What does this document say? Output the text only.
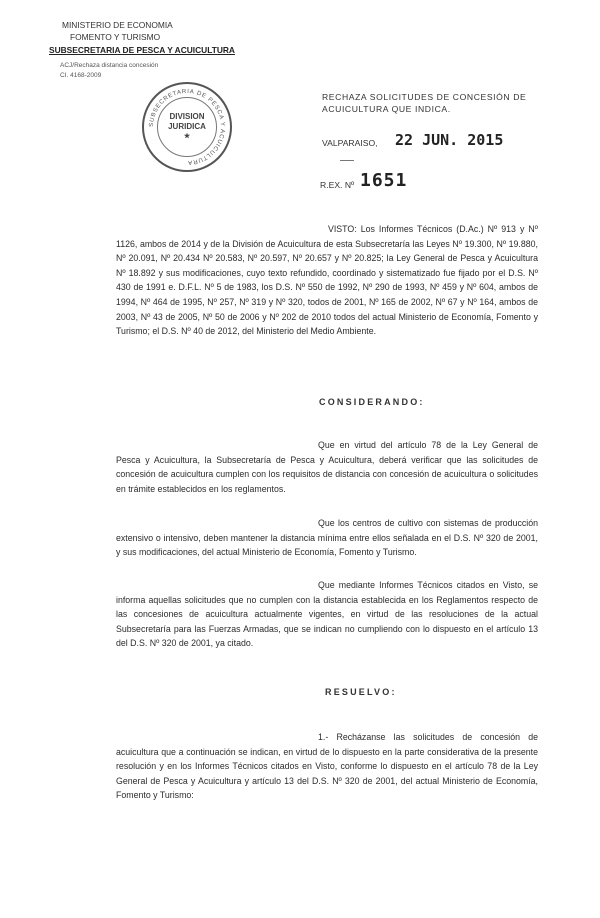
MINISTERIO DE ECONOMIA
FOMENTO Y TURISMO
SUBSECRETARIA DE PESCA Y ACUICULTURA
ACJ/Rechaza distancia concesión
CI. 4168-2009
SUBSECRETARIA DE PESCA Y ACUICULTURA
DIVISION
JURIDICA
★
RECHAZA SOLICITUDES DE CONCESIÓN DE
ACUICULTURA QUE INDICA.
VALPARAISO, 22 JUN. 2015
R.EX. Nº 1651
VISTO: Los Informes Técnicos (D.Ac.) Nº 913 y Nº 1126, ambos de 2014 y de la División de Acuicultura de esta Subsecretaría las Leyes Nº 19.300, Nº 19.880, Nº 20.091, Nº 20.434 Nº 20.583, Nº 20.597, Nº 20.657 y Nº 20.825; la Ley General de Pesca y Acuicultura Nº 18.892 y sus modificaciones, cuyo texto refundido, coordinado y sistematizado fue fijado por el D.S. Nº 430 de 1991 e. D.F.L. Nº 5 de 1983, los D.S. Nº 550 de 1992, Nº 290 de 1993, Nº 459 y Nº 604, ambos de 1994, Nº 464 de 1995, Nº 257, Nº 319 y Nº 320, todos de 2001, Nº 165 de 2002, Nº 67 y Nº 164, ambos de 2003, Nº 43 de 2005, Nº 50 de 2006 y Nº 202 de 2010 todos del actual Ministerio de Economía, Fomento y Turismo; el D.S. Nº 40 de 2012, del Ministerio del Medio Ambiente.
CONSIDERANDO:
Que en virtud del artículo 78 de la Ley General de Pesca y Acuicultura, la Subsecretaría de Pesca y Acuicultura, deberá verificar que las solicitudes de concesión de acuicultura cumplen con los requisitos de distancia con concesión de acuicultura o solicitudes en trámite establecidos en los reglamentos.
Que los centros de cultivo con sistemas de producción extensivo o intensivo, deben mantener la distancia mínima entre ellos señalada en el D.S. Nº 320 de 2001, y sus modificaciones, del actual Ministerio de Economía, Fomento y Turismo.
Que mediante Informes Técnicos citados en Visto, se informa aquellas solicitudes que no cumplen con la distancia establecida en los Reglamentos respecto de las concesiones de acuicultura actualmente vigentes, en virtud de las resoluciones de la actual Subsecretaría para las Fuerzas Armadas, que se indican no cumpliendo con lo dispuesto en el artículo 13 del D.S. Nº 320 de 2001, ya citado.
RESUELVO:
1.- Recházanse las solicitudes de concesión de acuicultura que a continuación se indican, en virtud de lo dispuesto en la parte considerativa de la presente resolución y en los Informes Técnicos citados en Visto, conforme lo dispuesto en el artículo 78 de la Ley General de Pesca y Acuicultura y artículo 13 del D.S. Nº 320 de 2001, del actual Ministerio de Economía, Fomento y Turismo:
